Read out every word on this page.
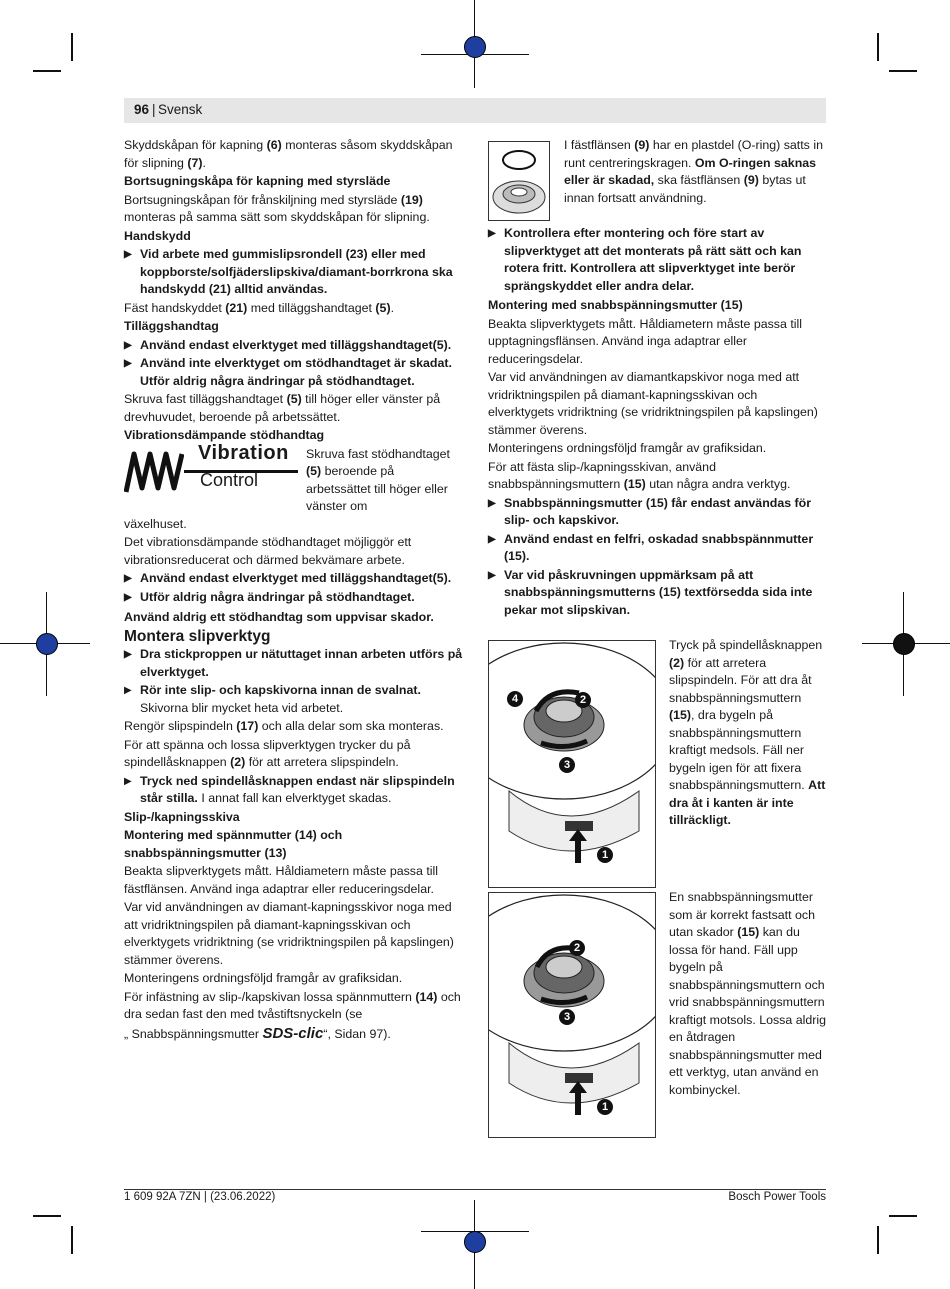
96 | Svensk

Skyddskåpan för kapning (6) monteras såsom skyddskåpan för slipning (7).

Bortsugningskåpa för kapning med styrsläde

Bortsugningskåpan för frånskiljning med styrsläde (19) monteras på samma sätt som skyddskåpan för slipning.

Handskydd

▶ Vid arbete med gummislipsrondell (23) eller med koppborste/solfjäderslipskiva/diamant-borrkrona ska handskydd (21) alltid användas.

Fäst handskyddet (21) med tilläggshandtaget (5).

Tilläggshandtag

▶ Använd endast elverktyget med tilläggshandtaget(5).

▶ Använd inte elverktyget om stödhandtaget är skadat. Utför aldrig några ändringar på stödhandtaget.

Skruva fast tilläggshandtaget (5) till höger eller vänster på drevhuvudet, beroende på arbetssättet.

Vibrationsdämpande stödhandtag

Vibration
Control

Skruva fast stödhandtaget (5) beroende på arbetssättet till höger eller vänster om

växelhuset.

Det vibrationsdämpande stödhandtaget möjliggör ett vibrationsreducerat och därmed bekvämare arbete.

▶ Använd endast elverktyget med tilläggshandtaget(5).

▶ Utför aldrig några ändringar på stödhandtaget.

Använd aldrig ett stödhandtag som uppvisar skador.

Montera slipverktyg

▶ Dra stickproppen ur nätuttaget innan arbeten utförs på elverktyget.

▶ Rör inte slip- och kapskivorna innan de svalnat.
Skivorna blir mycket heta vid arbetet.

Rengör slipspindeln (17) och alla delar som ska monteras.

För att spänna och lossa slipverktygen trycker du på spindellåsknappen (2) för att arretera slipspindeln.

▶ Tryck ned spindellåsknappen endast när slipspindeln står stilla. I annat fall kan elverktyget skadas.

Slip-/kapningsskiva

Montering med spännmutter (14) och snabbspänningsmutter (13)

Beakta slipverktygets mått. Håldiametern måste passa till fästflänsen. Använd inga adaptrar eller reduceringsdelar.

Var vid användningen av diamant-kapningsskivor noga med att vridriktningspilen på diamant-kapningsskivan och elverktygets vridriktning (se vridriktningspilen på kapslingen) stämmer överens.

Monteringens ordningsföljd framgår av grafiksidan.

För infästning av slip-/kapskivan lossa spännmuttern (14) och dra sedan fast den med tvåstiftsnyckeln (se

„ Snabbspänningsmutter SDS-clic“, Sidan 97).

I fästflänsen (9) har en plastdel (O-ring) satts in runt centreringskragen. Om O-ringen saknas eller är skadad, ska fästflänsen (9) bytas ut innan fortsatt användning.

▶ Kontrollera efter montering och före start av slipverktyget att det monterats på rätt sätt och kan rotera fritt. Kontrollera att slipverktyget inte berör sprängskyddet eller andra delar.

Montering med snabbspänningsmutter (15)

Beakta slipverktygets mått. Håldiametern måste passa till upptagningsflänsen. Använd inga adaptrar eller reduceringsdelar.

Var vid användningen av diamantkapskivor noga med att vridriktningspilen på diamant-kapningsskivan och elverktygets vridriktning (se vridriktningspilen på kapslingen) stämmer överens.

Monteringens ordningsföljd framgår av grafiksidan.

För att fästa slip-/kapningsskivan, använd snabbspänningsmuttern (15) utan några andra verktyg.

▶ Snabbspänningsmutter (15) får endast användas för slip- och kapskivor.

▶ Använd endast en felfri, oskadad snabbspännmutter (15).

▶ Var vid påskruvningen uppmärksam på att snabbspänningsmutterns (15) textförsedda sida inte pekar mot slipskivan.

4	2
3
1

Tryck på spindellåsknappen (2) för att arretera slipspindeln. För att dra åt snabbspänningsmuttern (15), dra bygeln på snabbspänningsmuttern kraftigt medsols. Fäll ner bygeln igen för att fixera snabbspänningsmuttern. Att dra åt i kanten är inte tillräckligt.

2
3
1

En snabbspänningsmutter som är korrekt fastsatt och utan skador (15) kan du lossa för hand. Fäll upp bygeln på snabbspänningsmuttern och vrid snabbspänningsmuttern kraftigt motsols. Lossa aldrig en åtdragen snabbspänningsmutter med ett verktyg, utan använd en kombinyckel.

1 609 92A 7ZN | (23.06.2022)	Bosch Power Tools
